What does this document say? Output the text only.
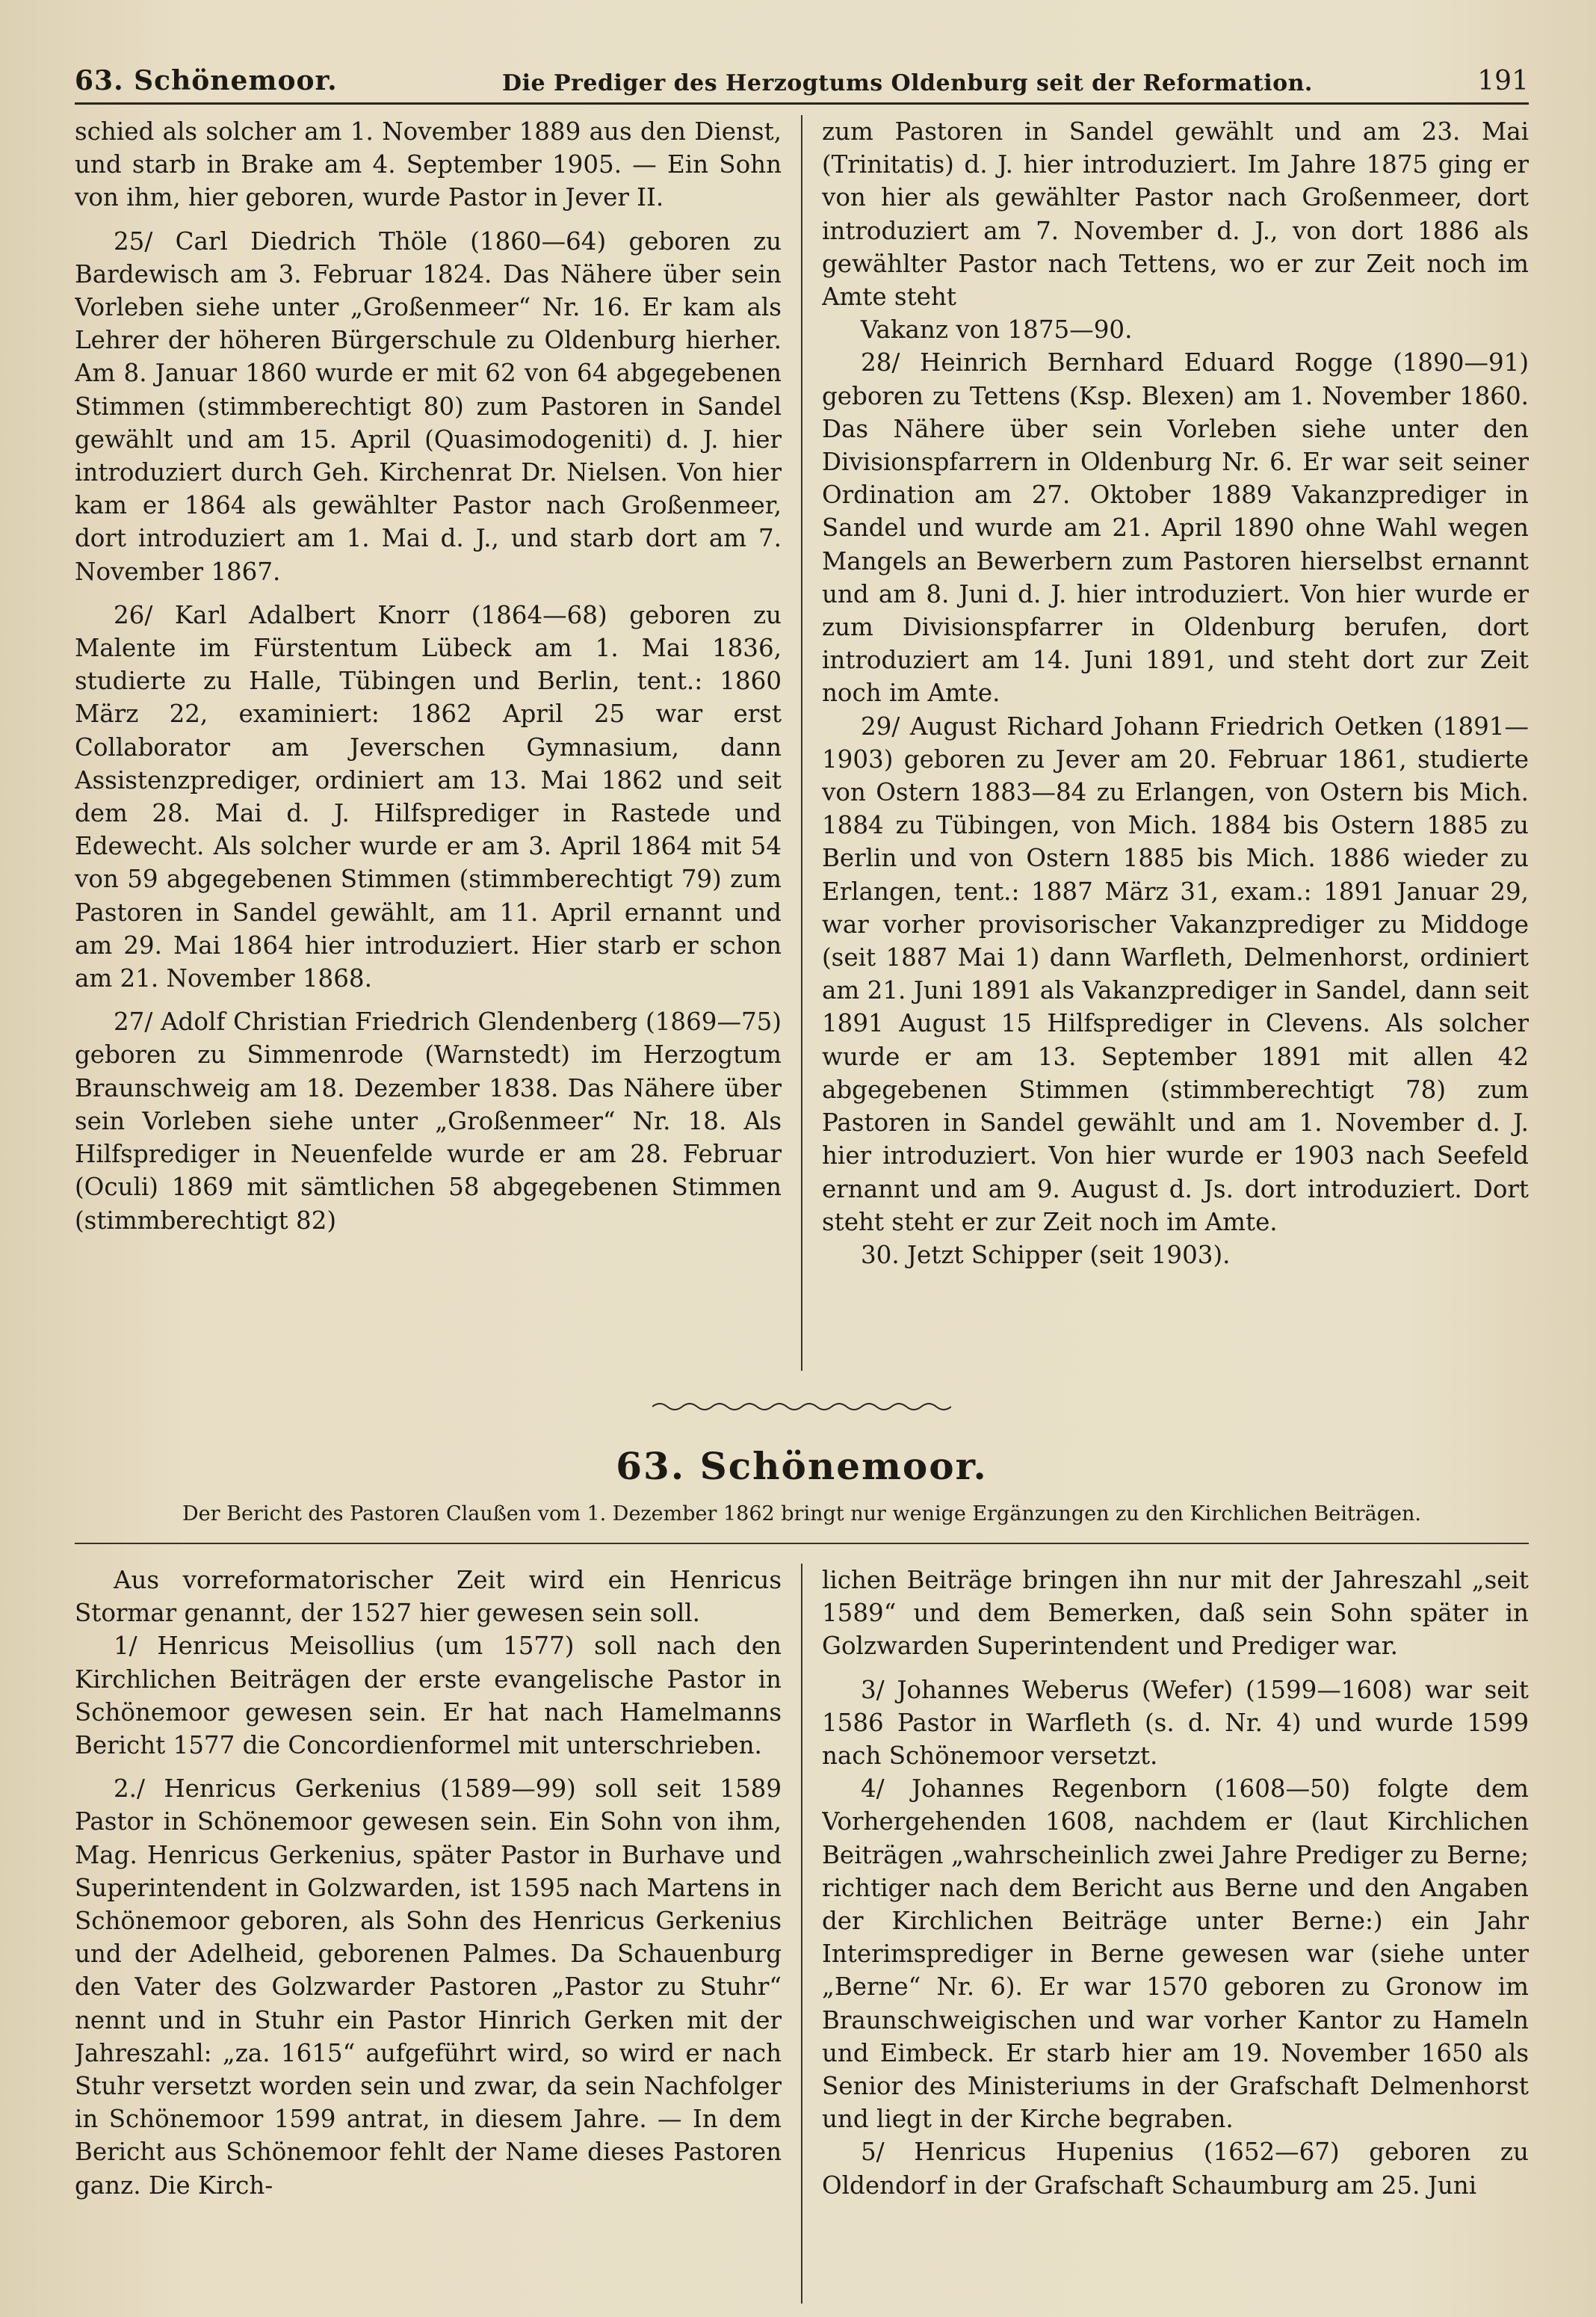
63. Schönemoor.	Die Prediger des Herzogtums Oldenburg seit der Reformation.	191

schied als solcher am 1. November 1889 aus den Dienst, und starb in Brake am 4. September 1905. — Ein Sohn von ihm, hier geboren, wurde Pastor in Jever II.

25/ Carl Diedrich Thöle (1860—64) geboren zu Bardewisch am 3. Februar 1824. Das Nähere über sein Vorleben siehe unter „Großenmeer“ Nr. 16. Er kam als Lehrer der höheren Bürgerschule zu Oldenburg hierher. Am 8. Januar 1860 wurde er mit 62 von 64 abgegebenen Stimmen (stimmberechtigt 80) zum Pastoren in Sandel gewählt und am 15. April (Quasimodogeniti) d. J. hier introduziert durch Geh. Kirchenrat Dr. Nielsen. Von hier kam er 1864 als gewählter Pastor nach Großenmeer, dort introduziert am 1. Mai d. J., und starb dort am 7. November 1867.

26/ Karl Adalbert Knorr (1864—68) geboren zu Malente im Fürstentum Lübeck am 1. Mai 1836, studierte zu Halle, Tübingen und Berlin, tent.: 1860 März 22, examiniert: 1862 April 25 war erst Collaborator am Jeverschen Gymnasium, dann Assistenzprediger, ordiniert am 13. Mai 1862 und seit dem 28. Mai d. J. Hilfsprediger in Rastede und Edewecht. Als solcher wurde er am 3. April 1864 mit 54 von 59 abgegebenen Stimmen (stimmberechtigt 79) zum Pastoren in Sandel gewählt, am 11. April ernannt und am 29. Mai 1864 hier introduziert. Hier starb er schon am 21. November 1868.

27/ Adolf Christian Friedrich Glendenberg (1869—75) geboren zu Simmenrode (Warnstedt) im Herzogtum Braunschweig am 18. Dezember 1838. Das Nähere über sein Vorleben siehe unter „Großenmeer“ Nr. 18. Als Hilfsprediger in Neuenfelde wurde er am 28. Februar (Oculi) 1869 mit sämtlichen 58 abgegebenen Stimmen (stimmberechtigt 82)

zum Pastoren in Sandel gewählt und am 23. Mai (Trinitatis) d. J. hier introduziert. Im Jahre 1875 ging er von hier als gewählter Pastor nach Großenmeer, dort introduziert am 7. November d. J., von dort 1886 als gewählter Pastor nach Tettens, wo er zur Zeit noch im Amte steht

Vakanz von 1875—90.

28/ Heinrich Bernhard Eduard Rogge (1890—91) geboren zu Tettens (Ksp. Blexen) am 1. November 1860. Das Nähere über sein Vorleben siehe unter den Divisionspfarrern in Oldenburg Nr. 6. Er war seit seiner Ordination am 27. Oktober 1889 Vakanzprediger in Sandel und wurde am 21. April 1890 ohne Wahl wegen Mangels an Bewerbern zum Pastoren hierselbst ernannt und am 8. Juni d. J. hier introduziert. Von hier wurde er zum Divisionspfarrer in Oldenburg berufen, dort introduziert am 14. Juni 1891, und steht dort zur Zeit noch im Amte.

29/ August Richard Johann Friedrich Oetken (1891—1903) geboren zu Jever am 20. Februar 1861, studierte von Ostern 1883—84 zu Erlangen, von Ostern bis Mich. 1884 zu Tübingen, von Mich. 1884 bis Ostern 1885 zu Berlin und von Ostern 1885 bis Mich. 1886 wieder zu Erlangen, tent.: 1887 März 31, exam.: 1891 Januar 29, war vorher provisorischer Vakanzprediger zu Middoge (seit 1887 Mai 1) dann Warfleth, Delmenhorst, ordiniert am 21. Juni 1891 als Vakanzprediger in Sandel, dann seit 1891 August 15 Hilfsprediger in Clevens. Als solcher wurde er am 13. September 1891 mit allen 42 abgegebenen Stimmen (stimmberechtigt 78) zum Pastoren in Sandel gewählt und am 1. November d. J. hier introduziert. Von hier wurde er 1903 nach Seefeld ernannt und am 9. August d. Js. dort introduziert. Dort steht steht er zur Zeit noch im Amte.

30. Jetzt Schipper (seit 1903).

63. Schönemoor.
Der Bericht des Pastoren Claußen vom 1. Dezember 1862 bringt nur wenige Ergänzungen zu den Kirchlichen Beiträgen.

Aus vorreformatorischer Zeit wird ein Henricus Stormar genannt, der 1527 hier gewesen sein soll.

1/ Henricus Meisollius (um 1577) soll nach den Kirchlichen Beiträgen der erste evangelische Pastor in Schönemoor gewesen sein. Er hat nach Hamelmanns Bericht 1577 die Concordienformel mit unterschrieben.

2./ Henricus Gerkenius (1589—99) soll seit 1589 Pastor in Schönemoor gewesen sein. Ein Sohn von ihm, Mag. Henricus Gerkenius, später Pastor in Burhave und Superintendent in Golzwarden, ist 1595 nach Martens in Schönemoor geboren, als Sohn des Henricus Gerkenius und der Adelheid, geborenen Palmes. Da Schauenburg den Vater des Golzwarder Pastoren „Pastor zu Stuhr“ nennt und in Stuhr ein Pastor Hinrich Gerken mit der Jahreszahl: „za. 1615“ aufgeführt wird, so wird er nach Stuhr versetzt worden sein und zwar, da sein Nachfolger in Schönemoor 1599 antrat, in diesem Jahre. — In dem Bericht aus Schönemoor fehlt der Name dieses Pastoren ganz. Die Kirch-

lichen Beiträge bringen ihn nur mit der Jahreszahl „seit 1589“ und dem Bemerken, daß sein Sohn später in Golzwarden Superintendent und Prediger war.

3/ Johannes Weberus (Wefer) (1599—1608) war seit 1586 Pastor in Warfleth (s. d. Nr. 4) und wurde 1599 nach Schönemoor versetzt.

4/ Johannes Regenborn (1608—50) folgte dem Vorhergehenden 1608, nachdem er (laut Kirchlichen Beiträgen „wahrscheinlich zwei Jahre Prediger zu Berne; richtiger nach dem Bericht aus Berne und den Angaben der Kirchlichen Beiträge unter Berne:) ein Jahr Interimsprediger in Berne gewesen war (siehe unter „Berne“ Nr. 6). Er war 1570 geboren zu Gronow im Braunschweigischen und war vorher Kantor zu Hameln und Eimbeck. Er starb hier am 19. November 1650 als Senior des Ministeriums in der Grafschaft Delmenhorst und liegt in der Kirche begraben.

5/ Henricus Hupenius (1652—67) geboren zu Oldendorf in der Grafschaft Schaumburg am 25. Juni
